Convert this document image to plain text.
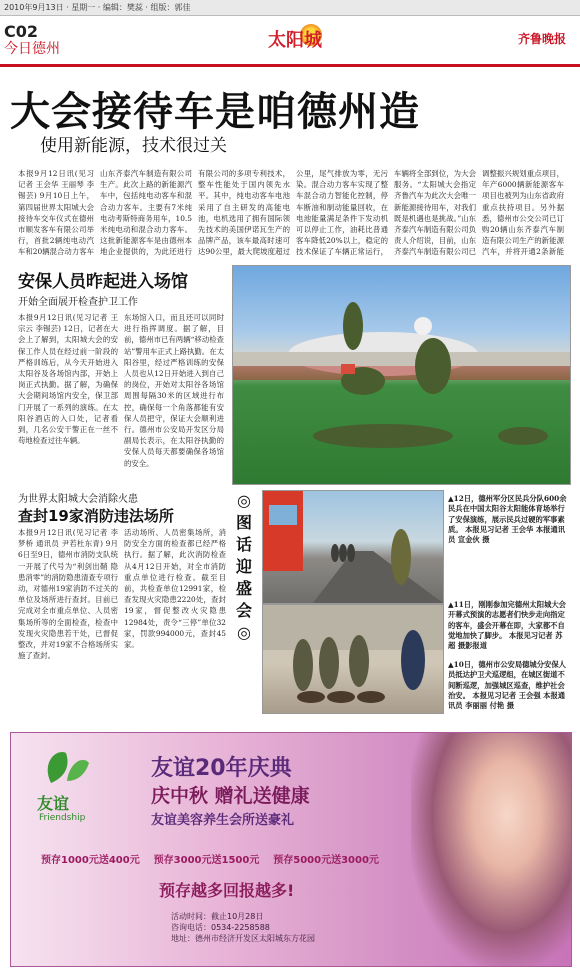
2010年9月13日 · 星期一 · 编辑：樊蕊 · 组版：郭佳
C02
今日德州	太阳城	齐鲁晚报
大会接待车是咱德州造
使用新能源，技术很过关
本报9月12日讯(见习记者 王会华 王丽琴 李锡芸) 9月10日上午，第四届世界太阳城大会接待车交车仪式在德州市顺发客车有限公司举行，首批2辆纯电动汽车和20辆混合动力客车
山东齐泰汽车制造有限公司生产。此次上路的新能源汽车中，包括纯电动客车和混合动力客车。主要有7米纯电动考斯特商务用车，10.5米纯电动和混合动力客车。这批新能源客车是由德州本地企业提供的，为此还进行
有限公司的多项专利技术，整车性能处于国内领先水平。其中，纯电动客车电池采用了自主研发的高能电池，电机选用了拥有国际领先技术的美国伊诺瓦生产的品牌产品，该车最高时速可达90公里，最大爬坡度超过
公里，尾气排放为零，无污染。混合动力客车实现了整车混合动力智能化控制，停车断油和制动能量回收，在电池能量满足条件下发动机可以停止工作，油耗比普通客车降低20%以上，稳定的技术保证了车辆正常运行，
车辆将全部到位，为大会服务。“太阳城大会指定齐鲁汽车为此次大会唯一新能源接待用车，对我们既是机遇也是挑战。”山东齐泰汽车制造有限公司负责人介绍说，目前，山东齐泰汽车制造有限公司已
调整振兴规划重点项目，年产6000辆新能源客车项目也被列为山东省政府重点扶持项目。另外据悉，德州市公交公司已订购20辆山东齐泰汽车制造有限公司生产的新能源汽车，并将开通2条新能
安保人员昨起进入场馆
开始全面展开检查护卫工作
本报9月12日讯(见习记者 王宗云 李锡芸) 12日，记者在大会上了解到，太阳城大会的安保工作人员在经过前一阶段的严格训练后，从今天开始进入太阳谷及各场馆内部，开始上岗正式执勤。据了解，为确保大会期间场馆内安全，保卫部门开展了一系列的演练。在太阳谷酒店的入口处，记者看到，几名公安干警正在一丝不苟地检查过往车辆。
东场馆入口，而且还可以同时进行指挥调度。据了解，目前，德州市已有两辆“移动检查站”警用车正式上路执勤。在太阳谷里，经过严格训练的安保人员也从12日开始进入到自己的岗位，开始对太阳谷各场馆周围每隔30米的区域进行布控，确保每一个角落都能有安保人员把守，保证大会顺利进行。德州市公安局开发区分局副局长表示，在太阳谷执勤的安保人员每天都要确保各场馆的安全。
▲12日，德州军分区民兵分队600余民兵在中国太阳谷太阳能体育场举行了安保演练，展示民兵过硬的军事素质。 本报见习记者 王会华 本报通讯员 宣金伙 摄
为世界太阳城大会消除火患
查封19家消防违法场所
本报9月12日讯(见习记者 李梦桥 通讯员 尹若杜东青) 9月6日至9日，德州市消防支队统一开展了代号为“利剑出鞘 隐患消零”的消防隐患清查专项行动，对德州19家消防不过关的单位及场所进行查封。目前已完成对全市重点单位、人员密集场所等的全面检查，检查中发现火灾隐患若干处，已督促整改，并对19家不合格场所实施了查封。
活动场所、人员密集场所，消防安全方面的检查都已经严格执行。据了解，此次消防检查从4月12日开始，对全市消防重点单位进行检查。截至目前，共检查单位12991家，检查发现火灾隐患2220处，查封19家，督促整改火灾隐患12984处，责令“三停”单位32家，罚款994000元，查封45家。
◎
图
话
迎
盛
会
◎
▲11日，刚刚参加完德州太阳城大会开幕式预演的志愿者们快步走向指定的客车，盛会开幕在即，大家都不自觉地加快了脚步。 本报见习记者 苏超 摄影报道
▲10日，德州市公安局德城分安保人员抵达护卫犬巡逻组，在城区街道不间断巡逻，加强城区巡查，维护社会治安。 本报见习记者 王会强 本报通讯员 李丽丽 付艳 摄
友谊
Friendship
友谊20年庆典
庆中秋 赠礼送健康
友谊美容养生会所送豪礼
预存1000元送400元 预存3000元送1500元 预存5000元送3000元
预存越多回报越多!
活动时间：截止10月28日
咨询电话：0534-2258588
地址：德州市经济开发区太阳城东方花园
